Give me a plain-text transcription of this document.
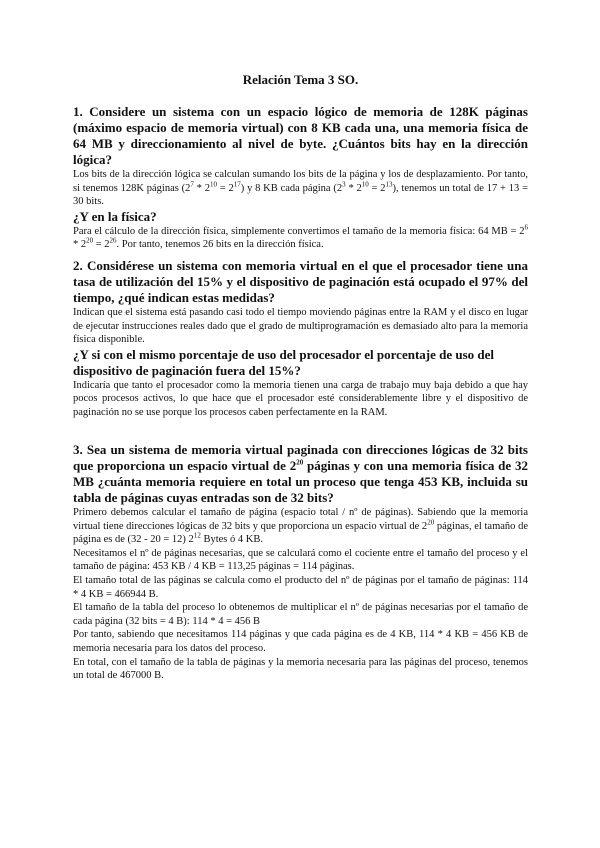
Relación Tema 3 SO.

1. Considere un sistema con un espacio lógico de memoria de 128K páginas (máximo espacio de memoria virtual) con 8 KB cada una, una memoria física de 64 MB y direccionamiento al nivel de byte. ¿Cuántos bits hay en la dirección lógica?

Los bits de la dirección lógica se calculan sumando los bits de la página y los de desplazamiento. Por tanto, si tenemos 128K páginas $(2^7 * 2^{10} = 2^{17})$ y 8 KB cada página $(2^3 * 2^{10} = 2^{13})$, tenemos un total de 17 + 13 = 30 bits.

¿Y en la física?

Para el cálculo de la dirección física, simplemente convertimos el tamaño de la memoria física: 64 MB = $2^6 * 2^{20} = 2^{26}$. Por tanto, tenemos 26 bits en la dirección física.

2. Considérese un sistema con memoria virtual en el que el procesador tiene una tasa de utilización del 15% y el dispositivo de paginación está ocupado el 97% del tiempo, ¿qué indican estas medidas?

Indican que el sistema está pasando casi todo el tiempo moviendo páginas entre la RAM y el disco en lugar de ejecutar instrucciones reales dado que el grado de multiprogramación es demasiado alto para la memoria física disponible.

¿Y si con el mismo porcentaje de uso del procesador el porcentaje de uso del dispositivo de paginación fuera del 15%?

Indicaría que tanto el procesador como la memoria tienen una carga de trabajo muy baja debido a que hay pocos procesos activos, lo que hace que el procesador esté considerablemente libre y el dispositivo de paginación no se use porque los procesos caben perfectamente en la RAM.

3. Sea un sistema de memoria virtual paginada con direcciones lógicas de 32 bits que proporciona un espacio virtual de $2^{20}$ páginas y con una memoria física de 32 MB ¿cuánta memoria requiere en total un proceso que tenga 453 KB, incluida su tabla de páginas cuyas entradas son de 32 bits?

Primero debemos calcular el tamaño de página (espacio total / nº de páginas). Sabiendo que la memoria virtual tiene direcciones lógicas de 32 bits y que proporciona un espacio virtual de $2^{20}$ páginas, el tamaño de página es de (32 - 20 = 12) $2^{12}$ Bytes ó 4 KB.

Necesitamos el nº de páginas necesarias, que se calculará como el cociente entre el tamaño del proceso y el tamaño de página: 453 KB / 4 KB = 113,25 páginas = 114 páginas.

El tamaño total de las páginas se calcula como el producto del nº de páginas por el tamaño de páginas: 114 * 4 KB = 466944 B.

El tamaño de la tabla del proceso lo obtenemos de multiplicar el nº de páginas necesarias por el tamaño de cada página (32 bits = 4 B): 114 * 4 = 456 B

Por tanto, sabiendo que necesitamos 114 páginas y que cada página es de 4 KB, 114 * 4 KB = 456 KB de memoria necesaria para los datos del proceso.

En total, con el tamaño de la tabla de páginas y la memoria necesaria para las páginas del proceso, tenemos un total de 467000 B.
